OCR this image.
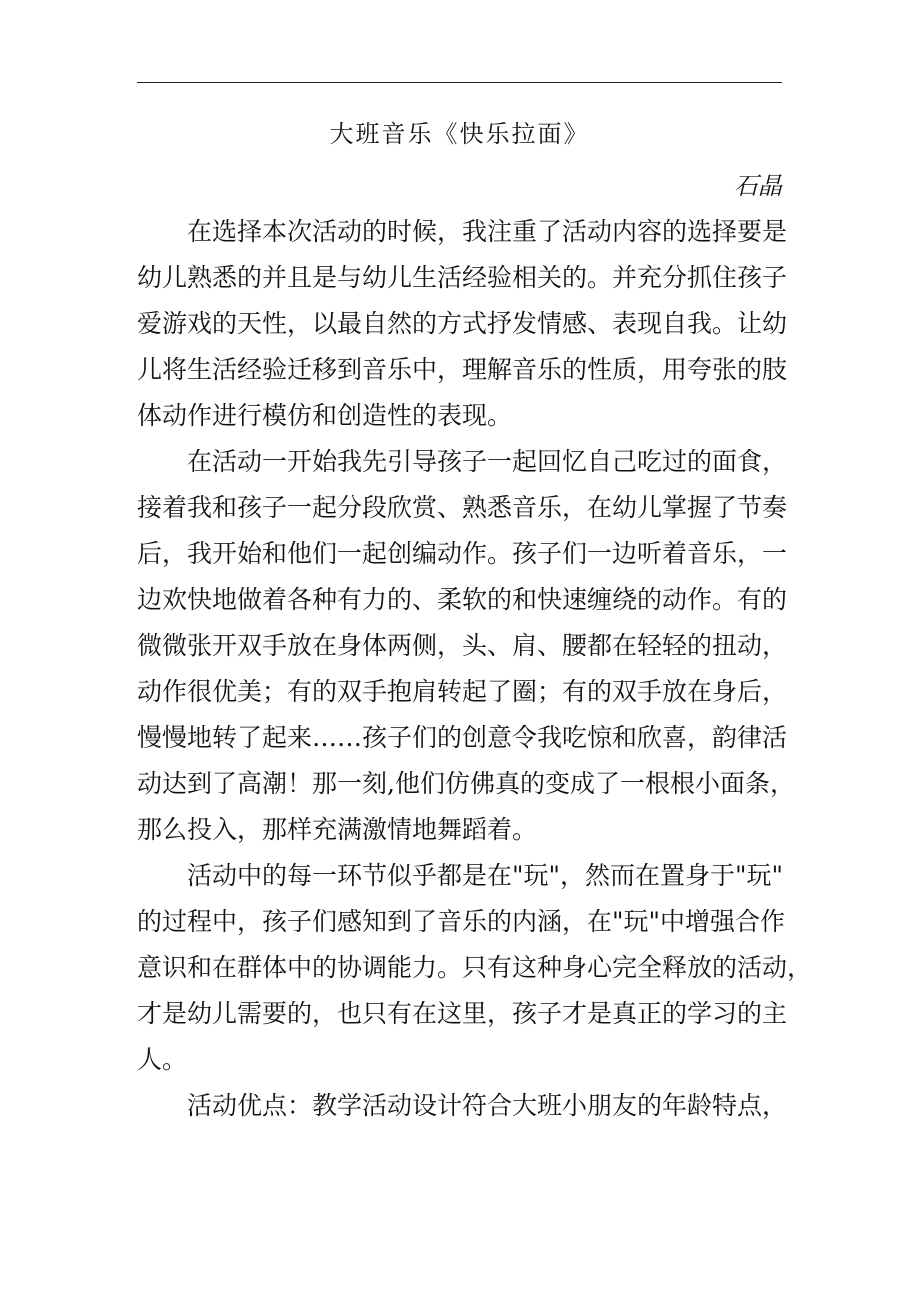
大班音乐《快乐拉面》
石晶

在选择本次活动的时候，我注重了活动内容的选择要是
幼儿熟悉的并且是与幼儿生活经验相关的。并充分抓住孩子
爱游戏的天性，以最自然的方式抒发情感、表现自我。让幼
儿将生活经验迁移到音乐中，理解音乐的性质，用夸张的肢
体动作进行模仿和创造性的表现。

在活动一开始我先引导孩子一起回忆自己吃过的面食，
接着我和孩子一起分段欣赏、熟悉音乐，在幼儿掌握了节奏
后，我开始和他们一起创编动作。孩子们一边听着音乐，一
边欢快地做着各种有力的、柔软的和快速缠绕的动作。有的
微微张开双手放在身体两侧，头、肩、腰都在轻轻的扭动，
动作很优美；有的双手抱肩转起了圈；有的双手放在身后，
慢慢地转了起来……孩子们的创意令我吃惊和欣喜，韵律活
动达到了高潮！那一刻,他们仿佛真的变成了一根根小面条，
那么投入，那样充满激情地舞蹈着。

活动中的每一环节似乎都是在"玩"，然而在置身于"玩"
的过程中，孩子们感知到了音乐的内涵，在"玩"中增强合作
意识和在群体中的协调能力。只有这种身心完全释放的活动，
才是幼儿需要的，也只有在这里，孩子才是真正的学习的主
人。

活动优点：教学活动设计符合大班小朋友的年龄特点，
